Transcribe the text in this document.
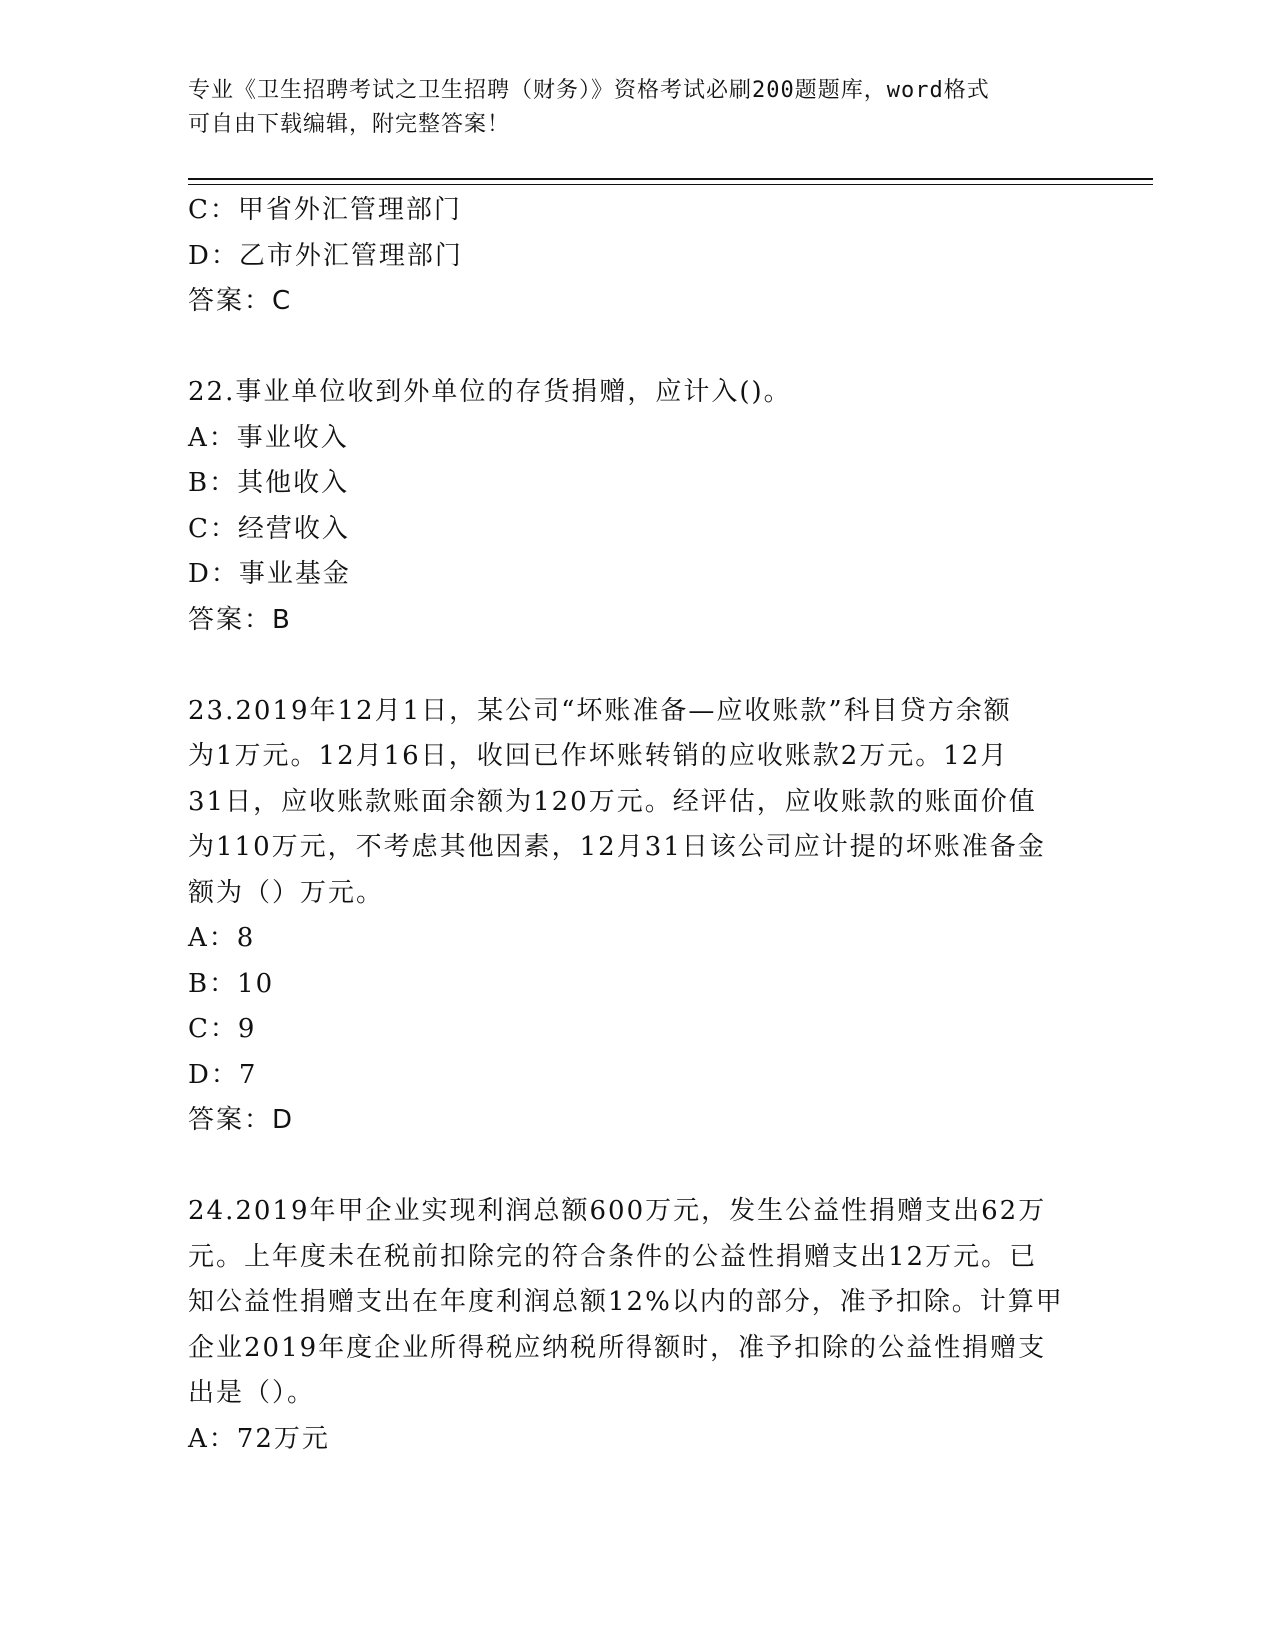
专业《卫生招聘考试之卫生招聘（财务）》资格考试必刷200题题库，word格式
可自由下载编辑，附完整答案！

C：甲省外汇管理部门

D：乙市外汇管理部门

答案：C

22.事业单位收到外单位的存货捐赠，应计入()。

A：事业收入

B：其他收入

C：经营收入

D：事业基金

答案：B

23.2019年12月1日，某公司“坏账准备—应收账款”科目贷方余额

为1万元。12月16日，收回已作坏账转销的应收账款2万元。12月

31日，应收账款账面余额为120万元。经评估，应收账款的账面价值

为110万元，不考虑其他因素，12月31日该公司应计提的坏账准备金

额为（）万元。

A：8

B：10

C：9

D：7

答案：D

24.2019年甲企业实现利润总额600万元，发生公益性捐赠支出62万

元。上年度未在税前扣除完的符合条件的公益性捐赠支出12万元。已

知公益性捐赠支出在年度利润总额12%以内的部分，准予扣除。计算甲

企业2019年度企业所得税应纳税所得额时，准予扣除的公益性捐赠支

出是（）。

A：72万元
